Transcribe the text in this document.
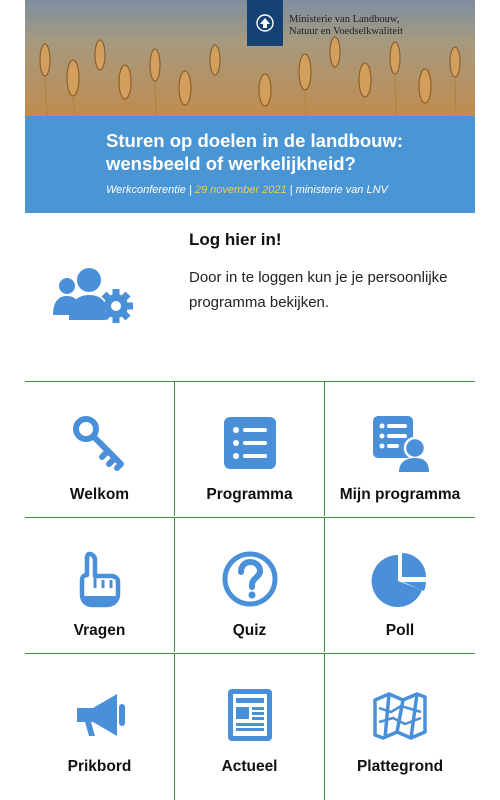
Ministerie van Landbouw,
Natuur en Voedselkwaliteit
Sturen op doelen in de landbouw:
wensbeeld of werkelijkheid?
Werkconferentie | 29 november 2021 | ministerie van LNV
Log hier in!
Door in te loggen kun je je persoonlijke programma bekijken.
Welkom	Programma	Mijn programma
Vragen	Quiz	Poll
Prikbord	Actueel	Plattegrond
